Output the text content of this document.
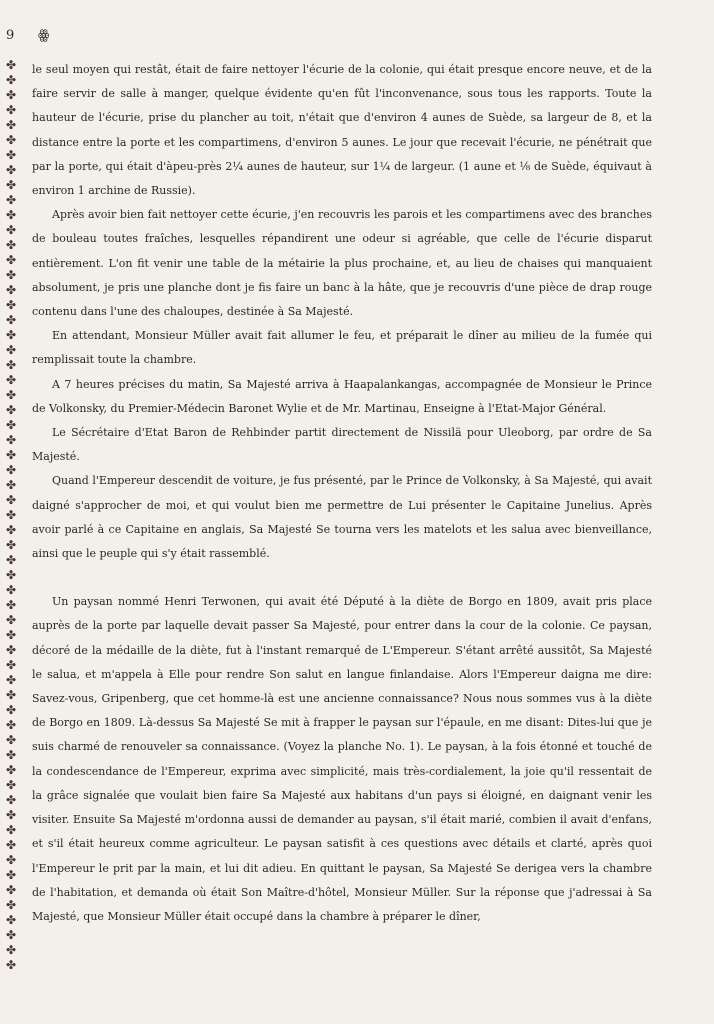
9 ꙮ
✤
✤
✤
✤
✤
✤
✤
✤
✤
✤
✤
✤
✤
✤
✤
✤
✤
✤
✤
✤
✤
✤
✤
✤
✤
✤
✤
✤
✤
✤
✤
✤
✤
✤
✤
✤
✤
✤
✤
✤
✤
✤
✤
✤
✤
✤
✤
✤
✤
✤
✤
✤
✤
✤
✤
✤
✤
✤
✤
✤
✤

le seul moyen qui restât, était de faire nettoyer l'écurie de la colonie, qui était presque encore neuve, et de la faire servir de salle à manger, quelque évidente qu'en fût l'inconvenance, sous tous les rapports. Toute la hauteur de l'écurie, prise du plancher au toit, n'était que d'environ 4 aunes de Suède, sa largeur de 8, et la distance entre la porte et les compartimens, d'environ 5 aunes. Le jour que recevait l'écurie, ne pénétrait que par la porte, qui était d'àpeu-près 2¼ aunes de hauteur, sur 1¼ de largeur. (1 aune et ⅛ de Suède, équivaut à environ 1 archine de Russie).

Après avoir bien fait nettoyer cette écurie, j'en recouvris les parois et les compartimens avec des branches de bouleau toutes fraîches, lesquelles répandirent une odeur si agréable, que celle de l'écurie disparut entièrement. L'on fit venir une table de la métairie la plus prochaine, et, au lieu de chaises qui manquaient absolument, je pris une planche dont je fis faire un banc à la hâte, que je recouvris d'une pièce de drap rouge contenu dans l'une des chaloupes, destinée à Sa Majesté.

En attendant, Monsieur Müller avait fait allumer le feu, et préparait le dîner au milieu de la fumée qui remplissait toute la chambre.

A 7 heures précises du matin, Sa Majesté arriva à Haapalankangas, accompagnée de Monsieur le Prince de Volkonsky, du Premier-Médecin Baronet Wylie et de Mr. Martinau, Enseigne à l'Etat-Major Général.

Le Sécrétaire d'Etat Baron de Rehbinder partit directement de Nissilä pour Uleoborg, par ordre de Sa Majesté.

Quand l'Empereur descendit de voiture, je fus présenté, par le Prince de Volkonsky, à Sa Majesté, qui avait daigné s'approcher de moi, et qui voulut bien me permettre de Lui présenter le Capitaine Junelius. Après avoir parlé à ce Capitaine en anglais, Sa Majesté Se tourna vers les matelots et les salua avec bienveillance, ainsi que le peuple qui s'y était rassemblé.

Un paysan nommé Henri Terwonen, qui avait été Député à la diète de Borgo en 1809, avait pris place auprès de la porte par laquelle devait passer Sa Majesté, pour entrer dans la cour de la colonie. Ce paysan, décoré de la médaille de la diète, fut à l'instant remarqué de L'Empereur. S'étant arrêté aussitôt, Sa Majesté le salua, et m'appela à Elle pour rendre Son salut en langue finlandaise. Alors l'Empereur daigna me dire: Savez-vous, Gripenberg, que cet homme-là est une ancienne connaissance? Nous nous sommes vus à la diète de Borgo en 1809. Là-dessus Sa Majesté Se mit à frapper le paysan sur l'épaule, en me disant: Dites-lui que je suis charmé de renouveler sa connaissance. (Voyez la planche No. 1). Le paysan, à la fois étonné et touché de la condescendance de l'Empereur, exprima avec simplicité, mais très-cordialement, la joie qu'il ressentait de la grâce signalée que voulait bien faire Sa Majesté aux habitans d'un pays si éloigné, en daignant venir les visiter. Ensuite Sa Majesté m'ordonna aussi de demander au paysan, s'il était marié, combien il avait d'enfans, et s'il était heureux comme agriculteur. Le paysan satisfit à ces questions avec détails et clarté, après quoi l'Empereur le prit par la main, et lui dit adieu. En quittant le paysan, Sa Majesté Se derigea vers la chambre de l'habitation, et demanda où était Son Maître-d'hôtel, Monsieur Müller. Sur la réponse que j'adressai à Sa Majesté, que Monsieur Müller était occupé dans la chambre à préparer le dîner,
